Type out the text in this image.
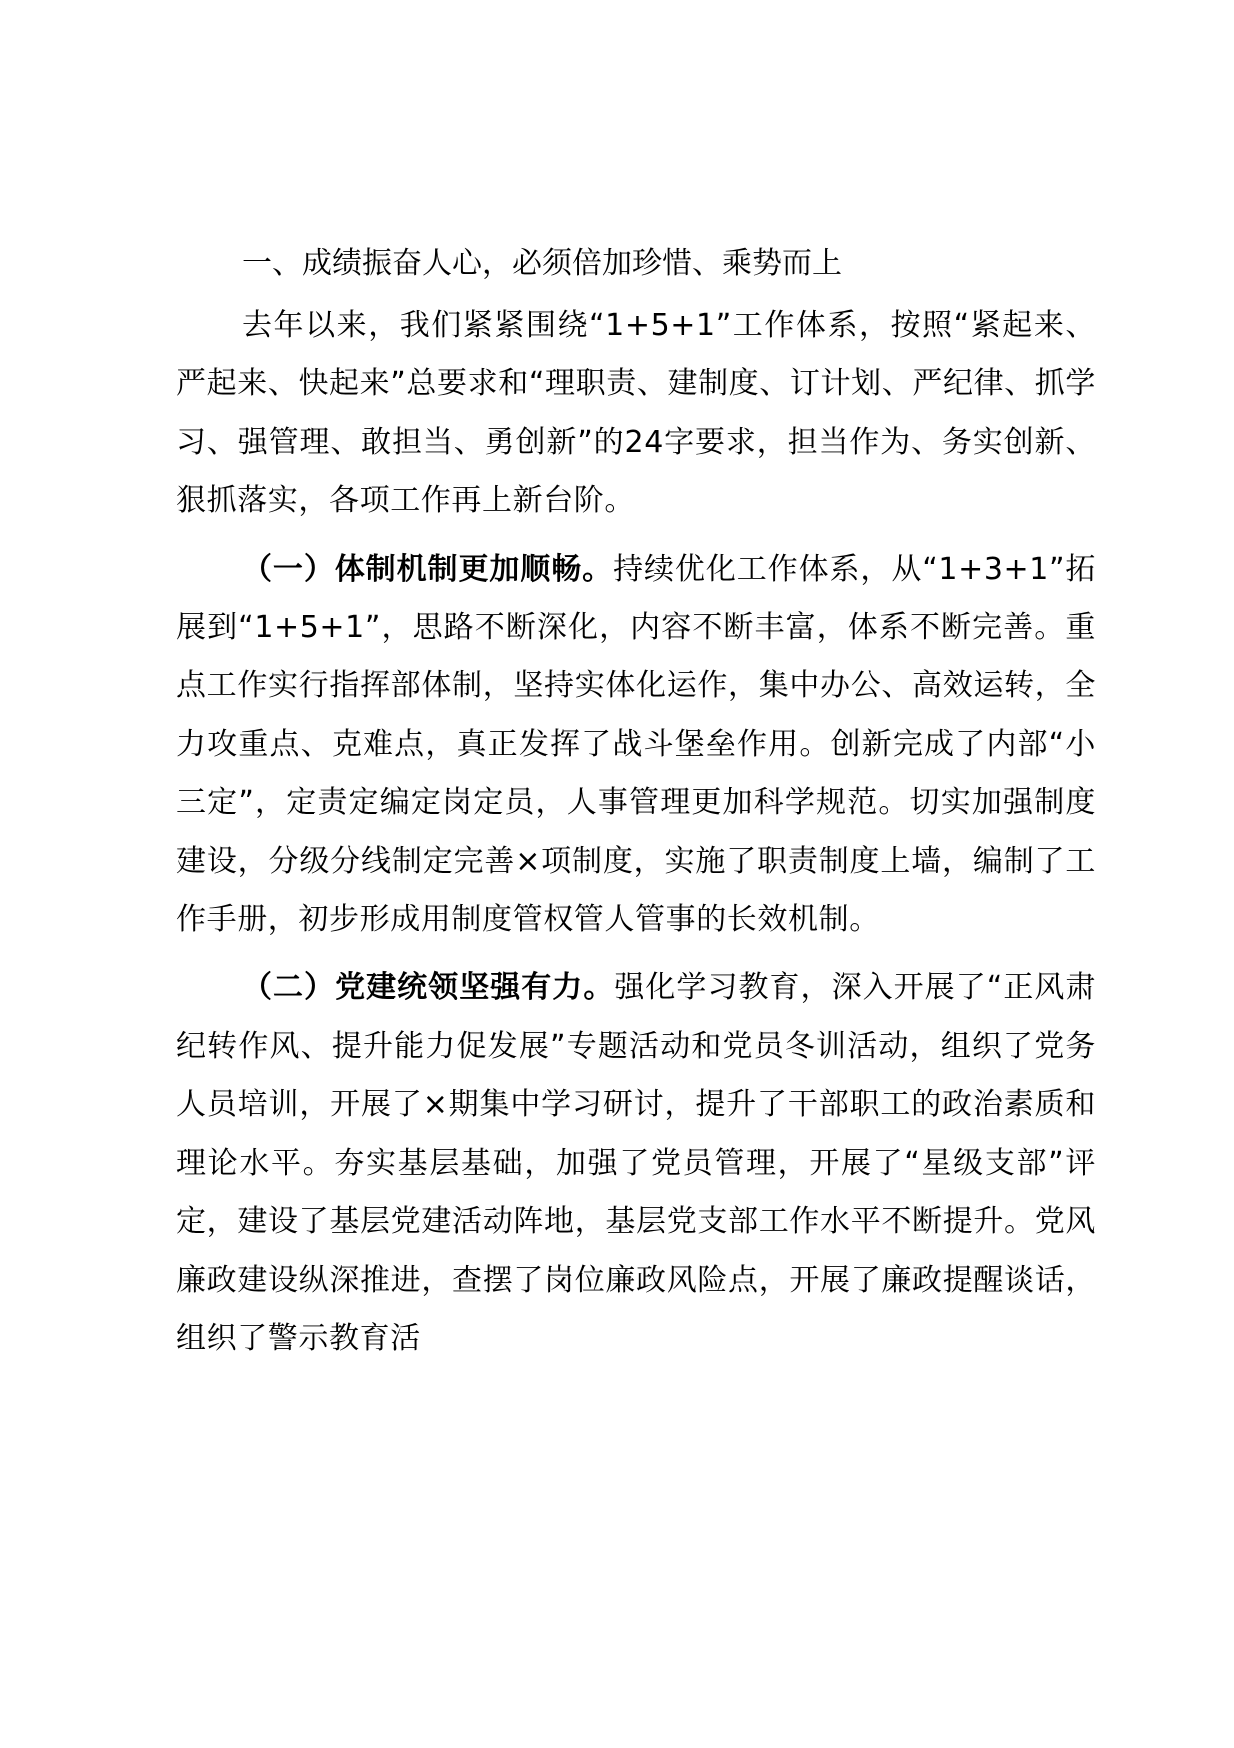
一、成绩振奋人心，必须倍加珍惜、乘势而上

去年以来，我们紧紧围绕“1+5+1”工作体系，按照“紧起来、严起来、快起来”总要求和“理职责、建制度、订计划、严纪律、抓学习、强管理、敢担当、勇创新”的24字要求，担当作为、务实创新、狠抓落实，各项工作再上新台阶。

（一）体制机制更加顺畅。持续优化工作体系，从“1+3+1”拓展到“1+5+1”，思路不断深化，内容不断丰富，体系不断完善。重点工作实行指挥部体制，坚持实体化运作，集中办公、高效运转，全力攻重点、克难点，真正发挥了战斗堡垒作用。创新完成了内部“小三定”，定责定编定岗定员，人事管理更加科学规范。切实加强制度建设，分级分线制定完善×项制度，实施了职责制度上墙，编制了工作手册，初步形成用制度管权管人管事的长效机制。

（二）党建统领坚强有力。强化学习教育，深入开展了“正风肃纪转作风、提升能力促发展”专题活动和党员冬训活动，组织了党务人员培训，开展了×期集中学习研讨，提升了干部职工的政治素质和理论水平。夯实基层基础，加强了党员管理，开展了“星级支部”评定，建设了基层党建活动阵地，基层党支部工作水平不断提升。党风廉政建设纵深推进，查摆了岗位廉政风险点，开展了廉政提醒谈话，组织了警示教育活
